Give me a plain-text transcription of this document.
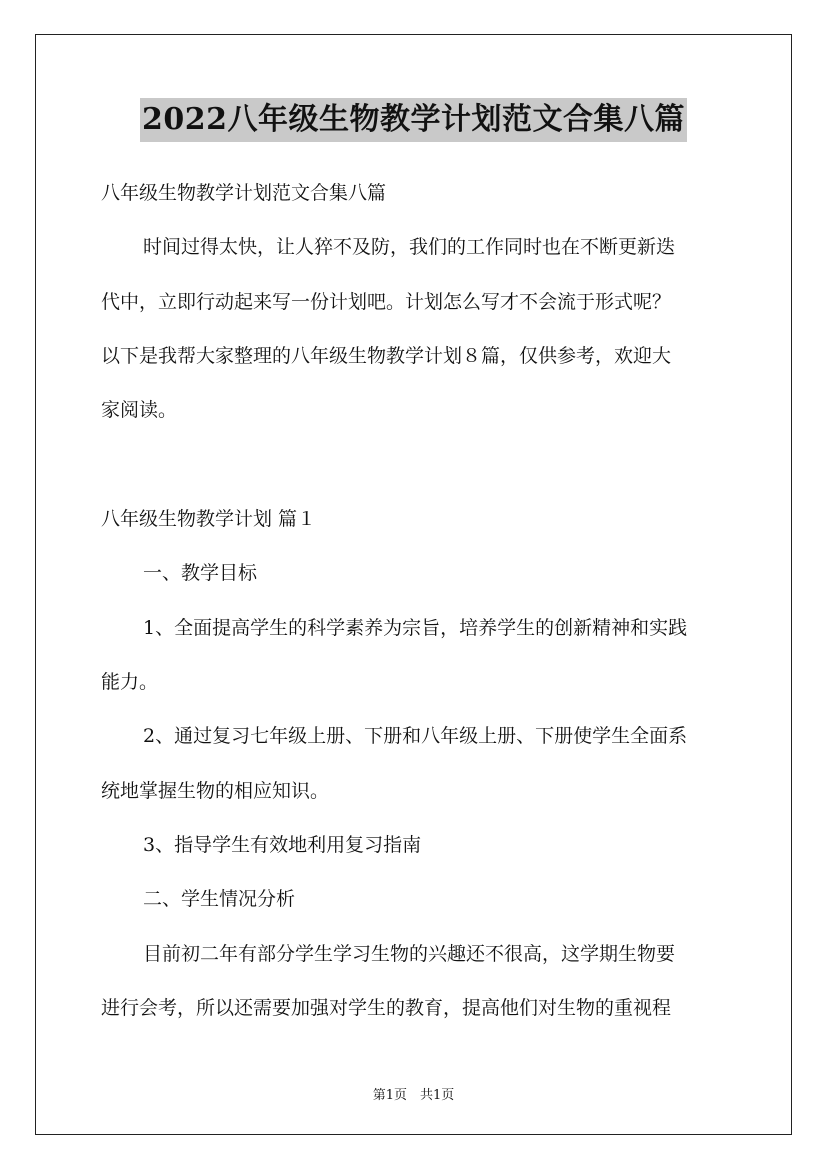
2022八年级生物教学计划范文合集八篇
八年级生物教学计划范文合集八篇
时间过得太快，让人猝不及防，我们的工作同时也在不断更新迭
代中，立即行动起来写一份计划吧。计划怎么写才不会流于形式呢？
以下是我帮大家整理的八年级生物教学计划８篇，仅供参考，欢迎大
家阅读。
八年级生物教学计划 篇１
一、教学目标
1、全面提高学生的科学素养为宗旨，培养学生的创新精神和实践
能力。
2、通过复习七年级上册、下册和八年级上册、下册使学生全面系
统地掌握生物的相应知识。
3、指导学生有效地利用复习指南
二、学生情况分析
目前初二年有部分学生学习生物的兴趣还不很高，这学期生物要
进行会考，所以还需要加强对学生的教育，提高他们对生物的重视程
第1页　共1页
